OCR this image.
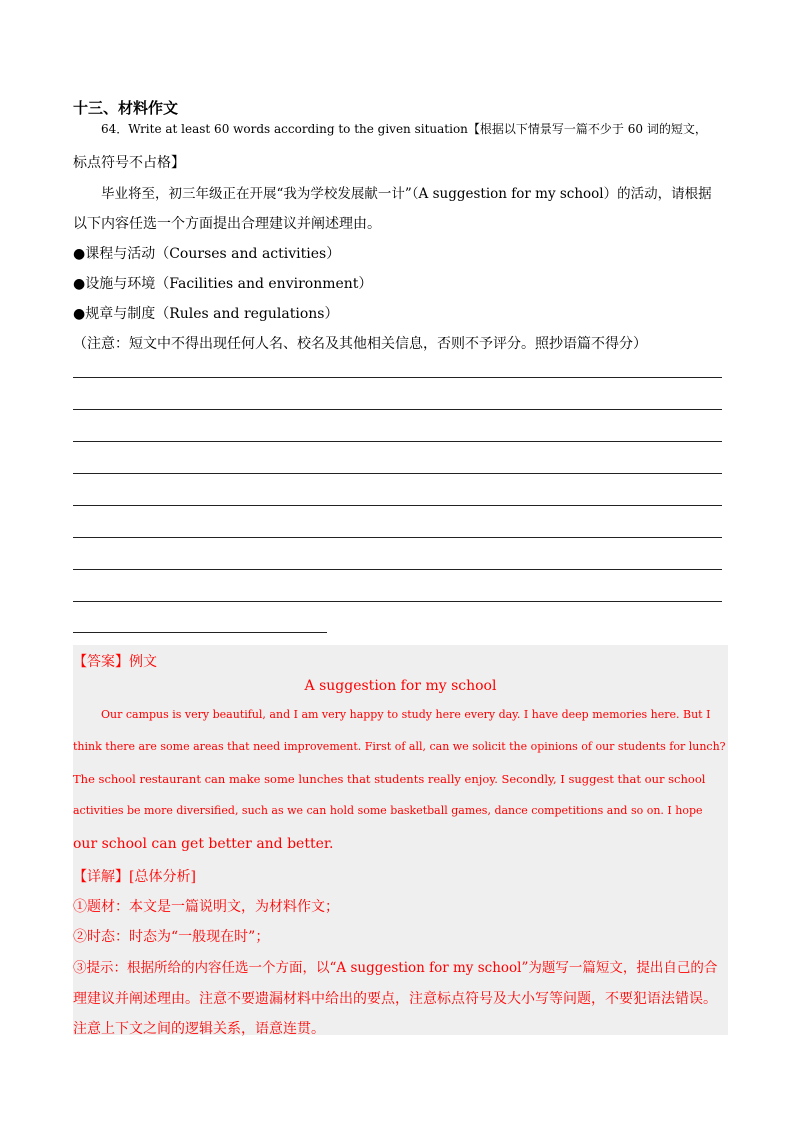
十三、材料作文
64．Write at least 60 words according to the given situation【根据以下情景写一篇不少于 60 词的短文，
标点符号不占格】
毕业将至，初三年级正在开展“我为学校发展献一计”（A suggestion for my school）的活动，请根据
以下内容任选一个方面提出合理建议并阐述理由。
●课程与活动（Courses and activities）
●设施与环境（Facilities and environment）
●规章与制度（Rules and regulations）
（注意：短文中不得出现任何人名、校名及其他相关信息，否则不予评分。照抄语篇不得分）
【答案】例文
A suggestion for my school
Our campus is very beautiful, and I am very happy to study here every day. I have deep memories here. But I
think there are some areas that need improvement. First of all, can we solicit the opinions of our students for lunch?
The school restaurant can make some lunches that students really enjoy. Secondly, I suggest that our school
activities be more diversified, such as we can hold some basketball games, dance competitions and so on. I hope
our school can get better and better.
【详解】[总体分析]
①题材：本文是一篇说明文，为材料作文；
②时态：时态为“一般现在时”；
③提示：根据所给的内容任选一个方面，以“A suggestion for my school”为题写一篇短文，提出自己的合
理建议并阐述理由。注意不要遗漏材料中给出的要点，注意标点符号及大小写等问题，不要犯语法错误。
注意上下文之间的逻辑关系，语意连贯。
